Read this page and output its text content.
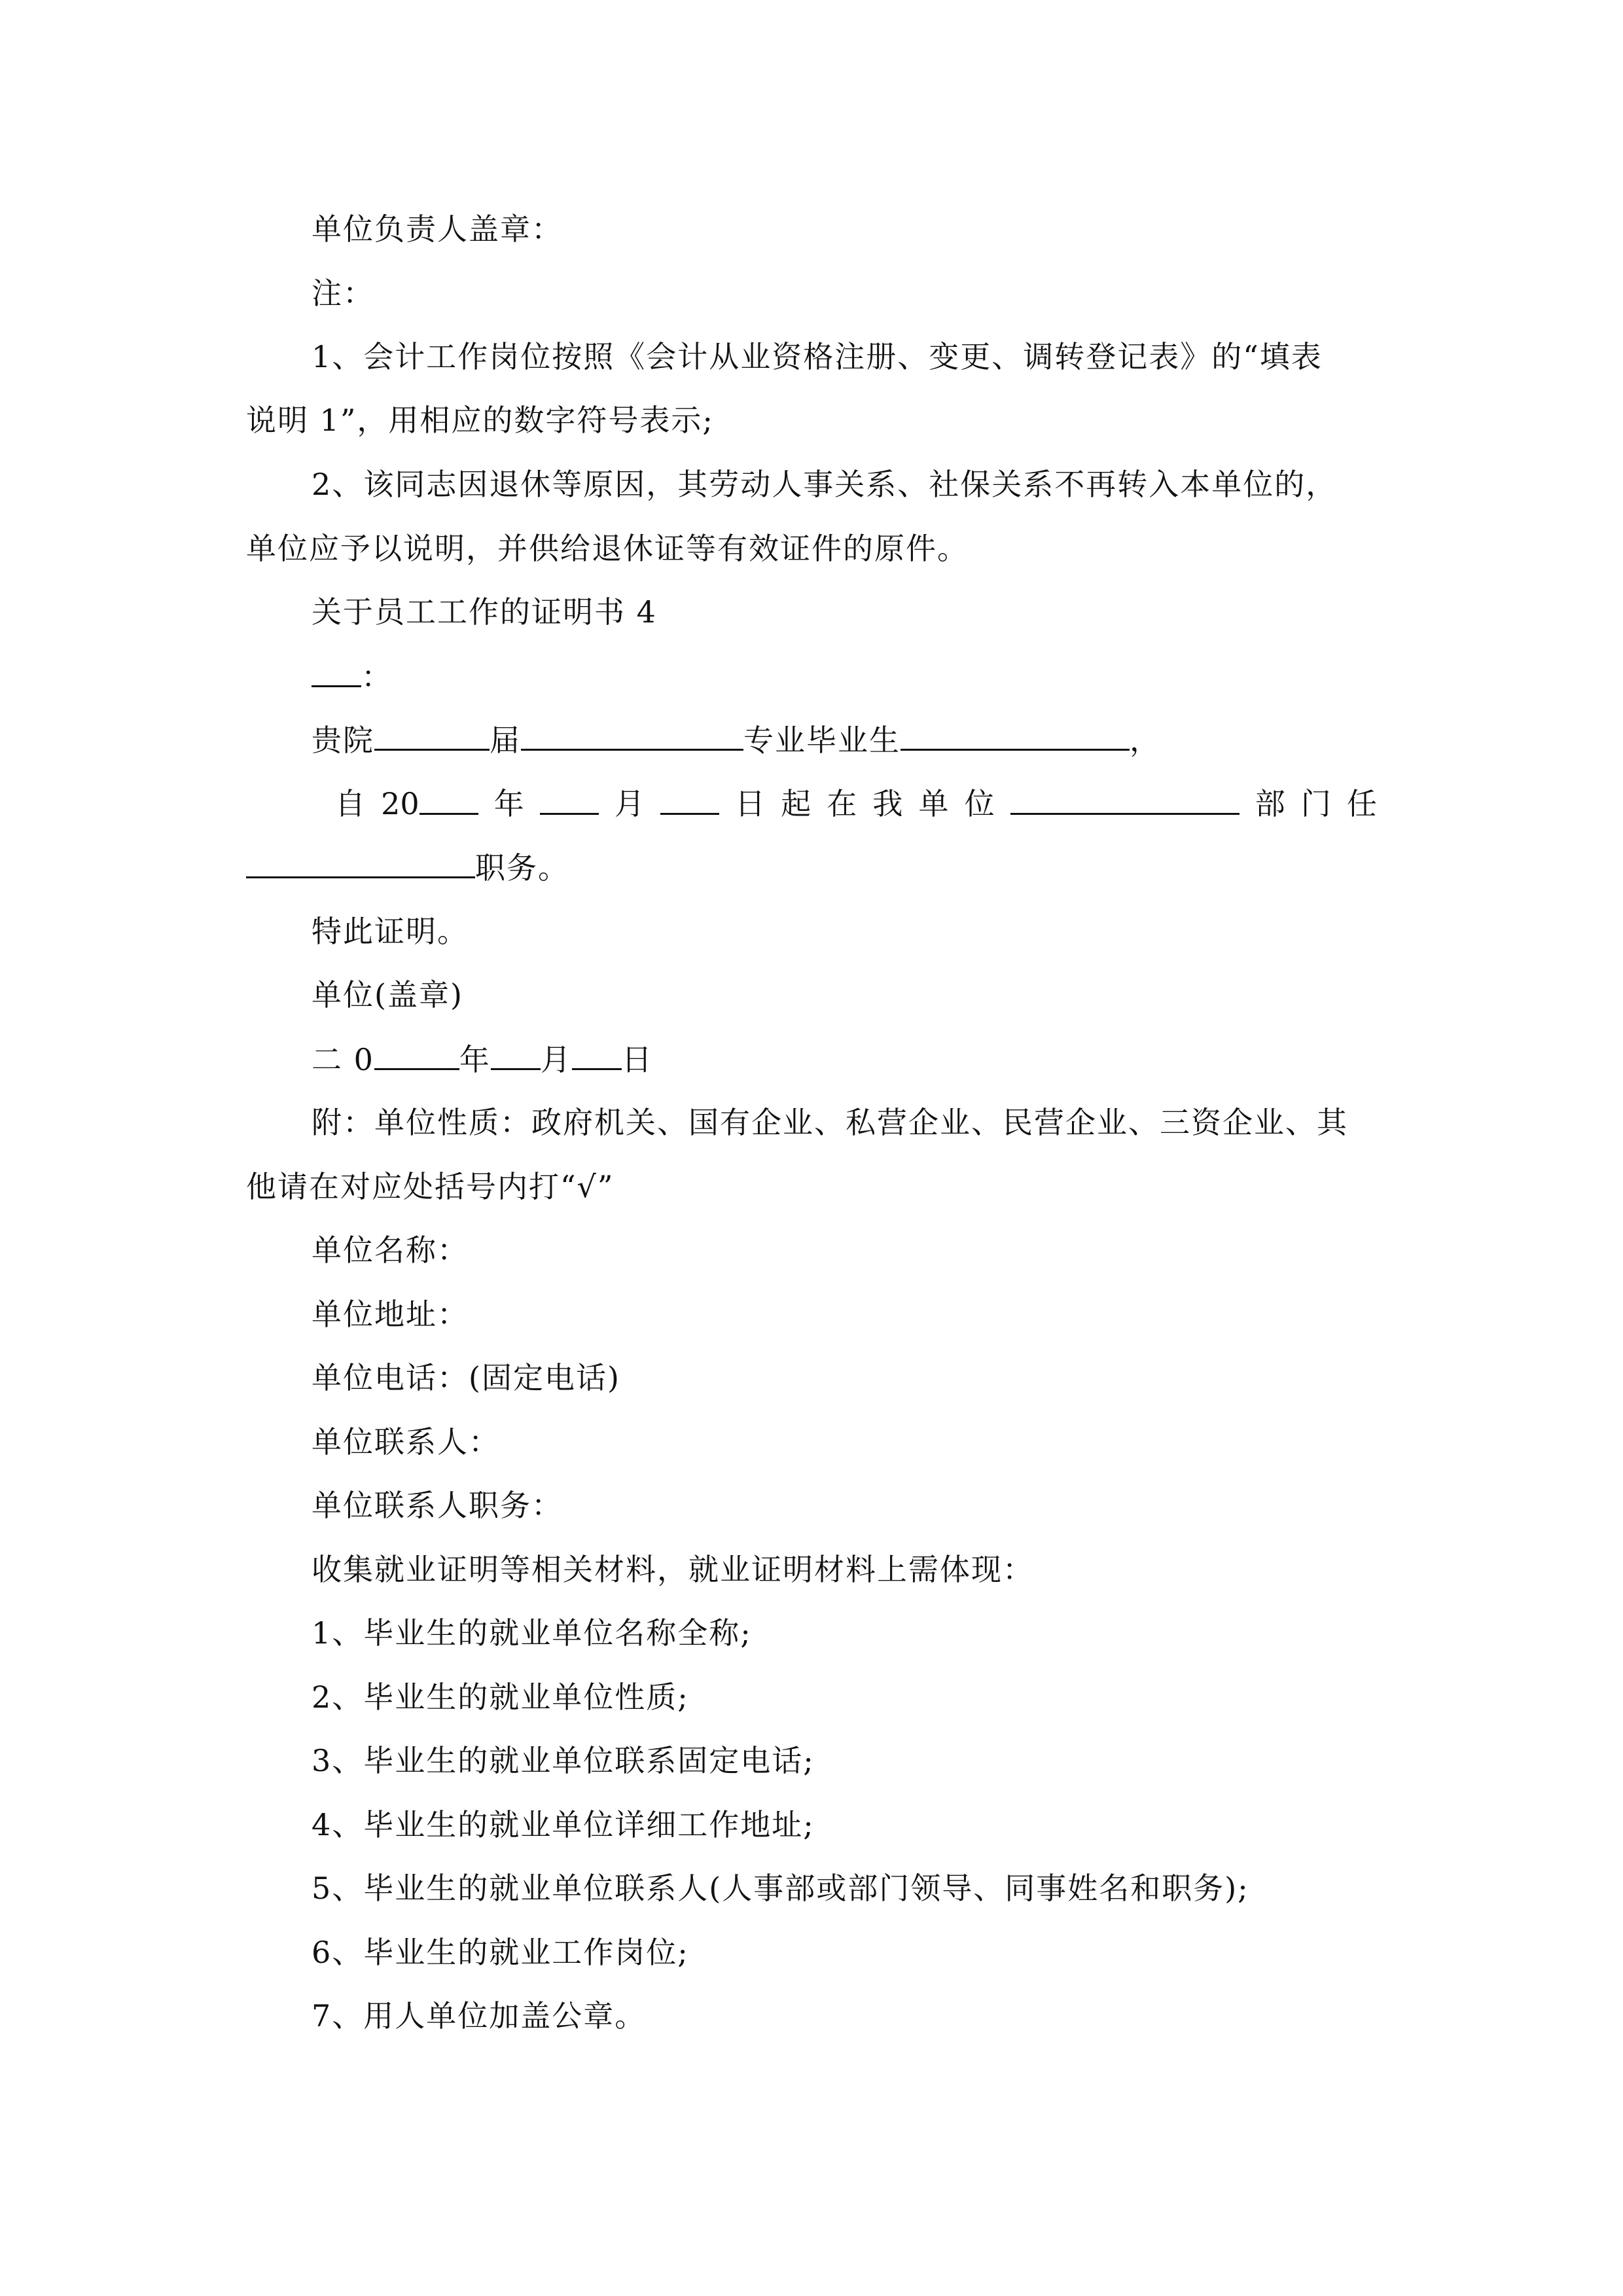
单位负责人盖章：

注：

1、会计工作岗位按照《会计从业资格注册、变更、调转登记表》的“填表

说明 1”，用相应的数字符号表示;

2、该同志因退休等原因，其劳动人事关系、社保关系不再转入本单位的，

单位应予以说明，并供给退休证等有效证件的原件。

关于员工工作的证明书 4

：

贵院	届	专业毕业生	，

自 20 年	月	日 起 在 我 单 位	部 门 任

职务。

特此证明。

单位(盖章)

二 0	年 月 日

附：单位性质：政府机关、国有企业、私营企业、民营企业、三资企业、其

他请在对应处括号内打“√”

单位名称：

单位地址：

单位电话：(固定电话)

单位联系人：

单位联系人职务：

收集就业证明等相关材料，就业证明材料上需体现：

1、毕业生的就业单位名称全称;

2、毕业生的就业单位性质;

3、毕业生的就业单位联系固定电话;

4、毕业生的就业单位详细工作地址;

5、毕业生的就业单位联系人(人事部或部门领导、同事姓名和职务);

6、毕业生的就业工作岗位;

7、用人单位加盖公章。
